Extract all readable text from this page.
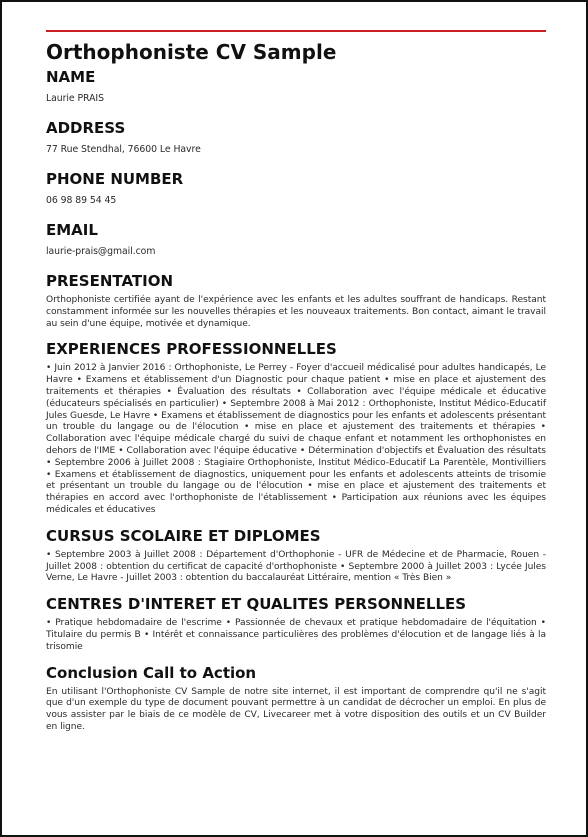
Orthophoniste CV Sample
NAME

Laurie PRAIS

ADDRESS

77 Rue Stendhal, 76600 Le Havre

PHONE NUMBER

06 98 89 54 45

EMAIL

laurie-prais@gmail.com

PRESENTATION

Orthophoniste certifiée ayant de l'expérience avec les enfants et les adultes souffrant de handicaps. Restant constamment informée sur les nouvelles thérapies et les nouveaux traitements. Bon contact, aimant le travail au sein d'une équipe, motivée et dynamique.

EXPERIENCES PROFESSIONNELLES

• Juin 2012 à Janvier 2016 : Orthophoniste, Le Perrey - Foyer d'accueil médicalisé pour adultes handicapés, Le Havre • Examens et établissement d'un Diagnostic pour chaque patient • mise en place et ajustement des traitements et thérapies • Évaluation des résultats • Collaboration avec l'équipe médicale et éducative (éducateurs spécialisés en particulier) • Septembre 2008 à Mai 2012 : Orthophoniste, Institut Médico-Educatif Jules Guesde, Le Havre • Examens et établissement de diagnostics pour les enfants et adolescents présentant un trouble du langage ou de l'élocution • mise en place et ajustement des traitements et thérapies • Collaboration avec l'équipe médicale chargé du suivi de chaque enfant et notamment les orthophonistes en dehors de l'IME • Collaboration avec l'équipe éducative • Détermination d'objectifs et Évaluation des résultats • Septembre 2006 à Juillet 2008 : Stagiaire Orthophoniste, Institut Médico-Educatif La Parentèle, Montivilliers • Examens et établissement de diagnostics, uniquement pour les enfants et adolescents atteints de trisomie et présentant un trouble du langage ou de l'élocution • mise en place et ajustement des traitements et thérapies en accord avec l'orthophoniste de l'établissement • Participation aux réunions avec les équipes médicales et éducatives

CURSUS SCOLAIRE ET DIPLOMES

• Septembre 2003 à Juillet 2008 : Département d'Orthophonie - UFR de Médecine et de Pharmacie, Rouen - Juillet 2008 : obtention du certificat de capacité d'orthophoniste • Septembre 2000 à Juillet 2003 : Lycée Jules Verne, Le Havre - Juillet 2003 : obtention du baccalauréat Littéraire, mention « Très Bien »

CENTRES D'INTERET ET QUALITES PERSONNELLES

• Pratique hebdomadaire de l'escrime • Passionnée de chevaux et pratique hebdomadaire de l'équitation • Titulaire du permis B • Intérêt et connaissance particulières des problèmes d'élocution et de langage liés à la trisomie

Conclusion Call to Action

En utilisant l'Orthophoniste CV Sample de notre site internet, il est important de comprendre qu'il ne s'agit que d'un exemple du type de document pouvant permettre à un candidat de décrocher un emploi. En plus de vous assister par le biais de ce modèle de CV, Livecareer met à votre disposition des outils et un CV Builder en ligne.
